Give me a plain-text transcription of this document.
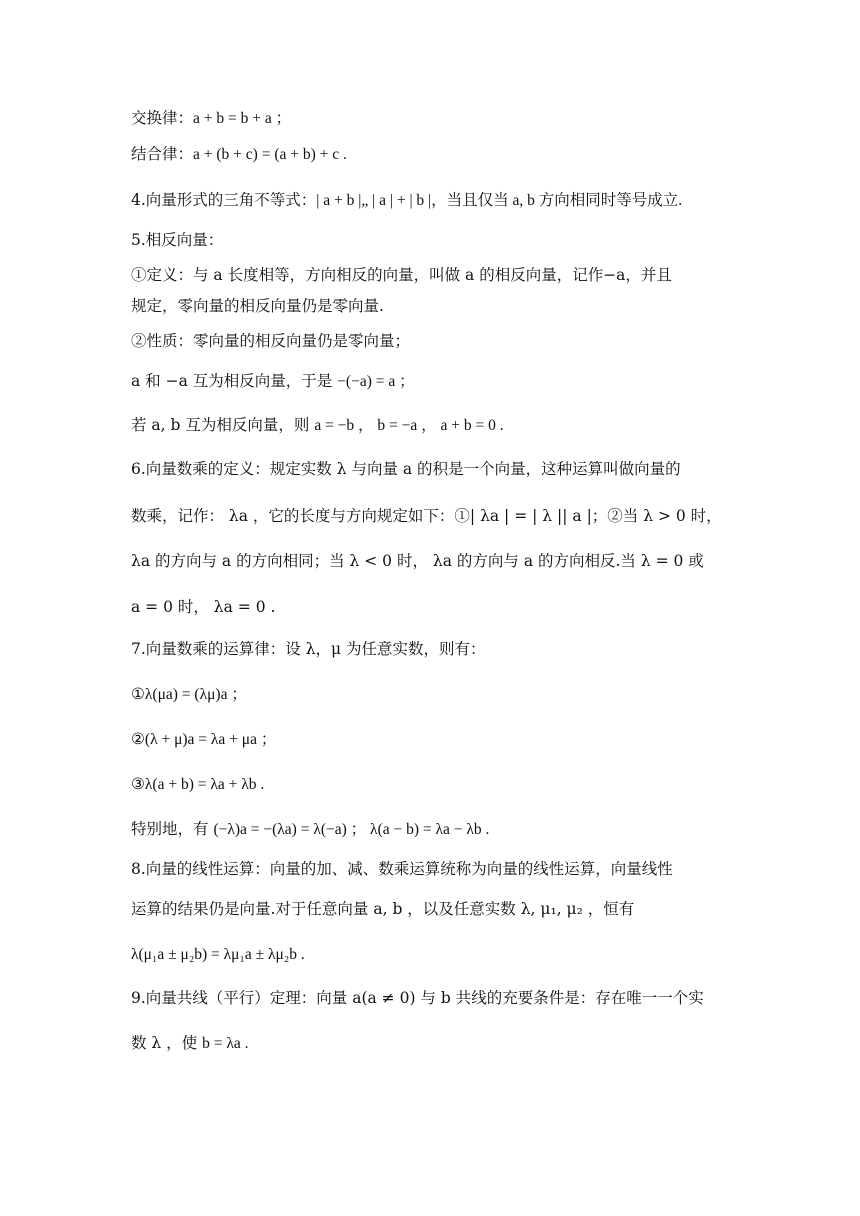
交换律：a + b = b + a ；
结合律：a + (b + c) = (a + b) + c .
4.向量形式的三角不等式：| a + b |„ | a | + | b |，当且仅当 a, b 方向相同时等号成立.
5.相反向量：
①定义：与 a 长度相等，方向相反的向量，叫做 a 的相反向量，记作−a，并且
规定，零向量的相反向量仍是零向量.
②性质：零向量的相反向量仍是零向量；
a 和 −a 互为相反向量，于是 −(−a) = a ；
若 a, b 互为相反向量，则 a = −b ， b = −a ， a + b = 0 .
6.向量数乘的定义：规定实数 λ 与向量 a 的积是一个向量，这种运算叫做向量的
数乘，记作： λa ，它的长度与方向规定如下：①| λa | = | λ || a |；②当 λ > 0 时，
λa 的方向与 a 的方向相同；当 λ < 0 时， λa 的方向与 a 的方向相反.当 λ = 0 或
a = 0 时， λa = 0 .
7.向量数乘的运算律：设 λ，μ 为任意实数，则有：
①λ(μa) = (λμ)a ；
②(λ + μ)a = λa + μa ；
③λ(a + b) = λa + λb .
特别地，有 (−λ)a = −(λa) = λ(−a) ； λ(a − b) = λa − λb .
8.向量的线性运算：向量的加、减、数乘运算统称为向量的线性运算，向量线性
运算的结果仍是向量.对于任意向量 a, b ，以及任意实数 λ, μ₁, μ₂ ，恒有
λ(μ₁a ± μ₂b) = λμ₁a ± λμ₂b .
9.向量共线（平行）定理：向量 a(a ≠ 0) 与 b 共线的充要条件是：存在唯一一个实
数 λ ，使 b = λa .
